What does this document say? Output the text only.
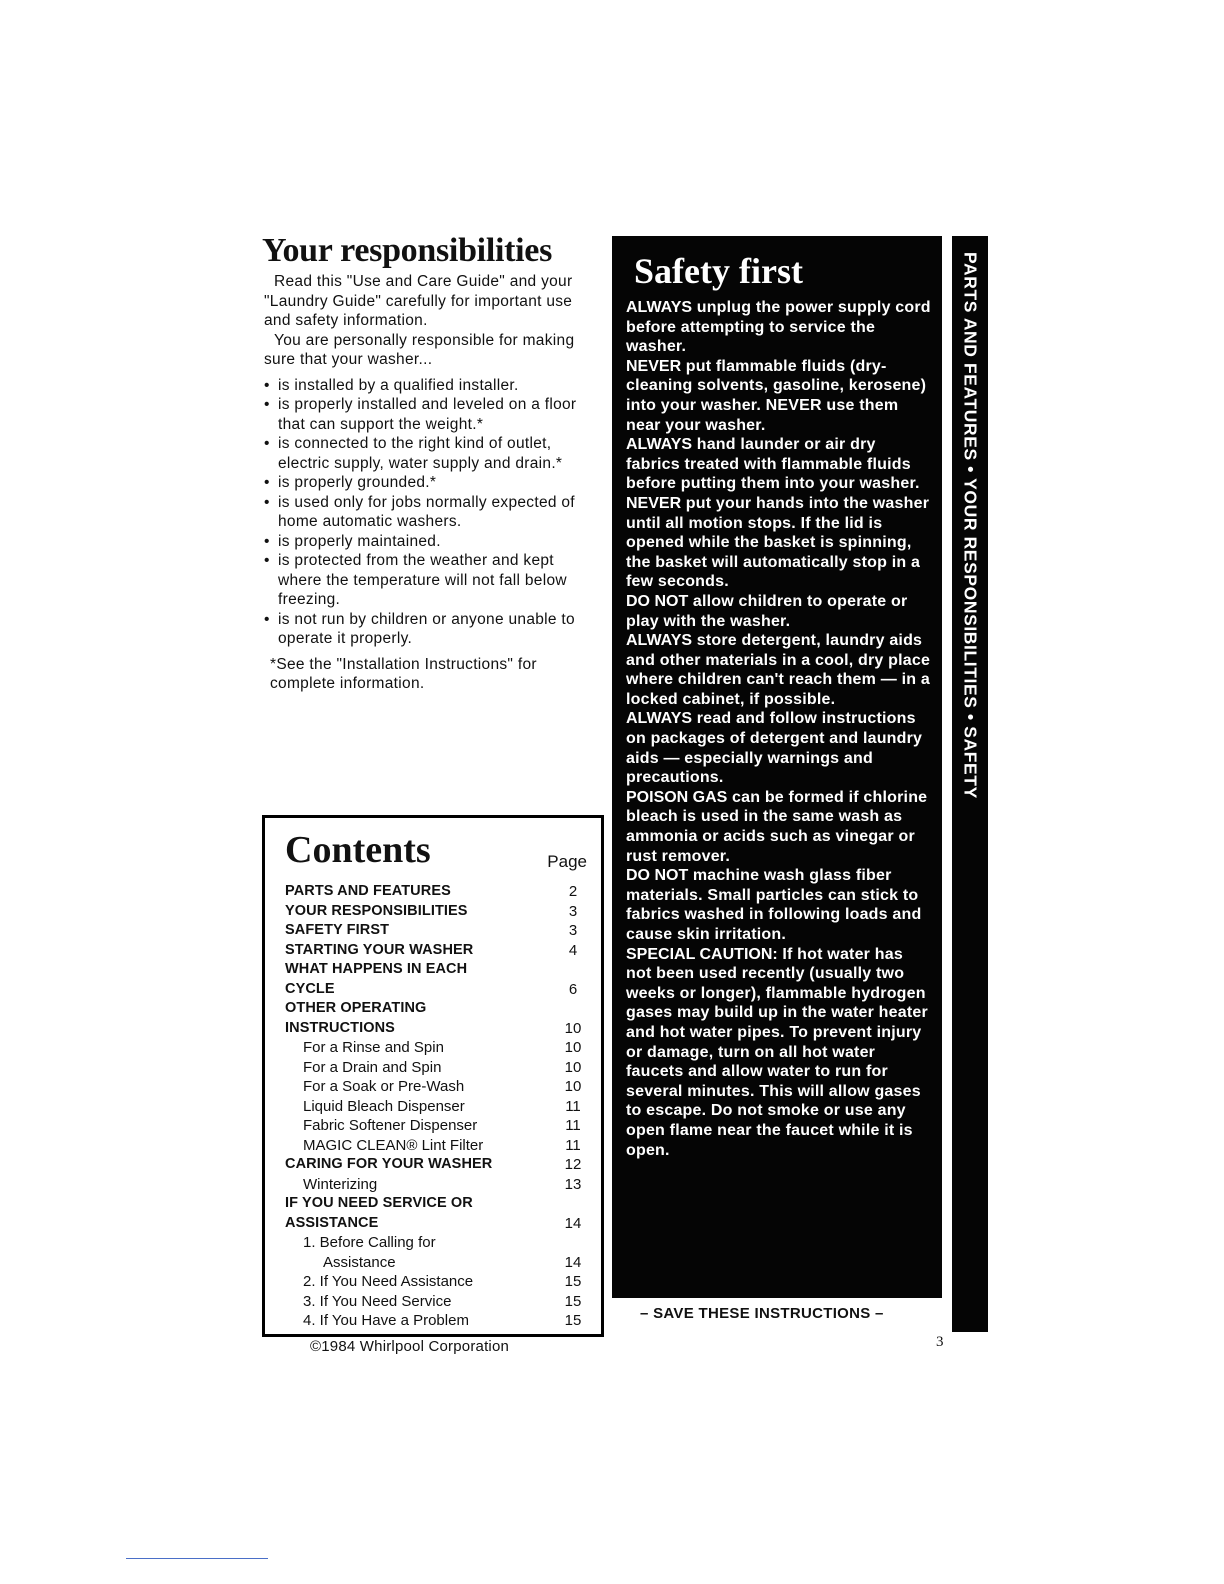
Your responsibilities

Read this "Use and Care Guide" and your "Laundry Guide" carefully for important use and safety information.

You are personally responsible for making sure that your washer...

• is installed by a qualified installer.
• is properly installed and leveled on a floor that can support the weight.*
• is connected to the right kind of outlet, electric supply, water supply and drain.*
• is properly grounded.*
• is used only for jobs normally expected of home automatic washers.
• is properly maintained.
• is protected from the weather and kept where the temperature will not fall below freezing.
• is not run by children or anyone unable to operate it properly.

*See the "Installation Instructions" for complete information.

Contents	Page
PARTS AND FEATURES	2
YOUR RESPONSIBILITIES	3
SAFETY FIRST	3
STARTING YOUR WASHER	4
WHAT HAPPENS IN EACH
CYCLE	6
OTHER OPERATING
INSTRUCTIONS	10
For a Rinse and Spin	10
For a Drain and Spin	10
For a Soak or Pre-Wash	10
Liquid Bleach Dispenser	11
Fabric Softener Dispenser	11
MAGIC CLEAN® Lint Filter	11
CARING FOR YOUR WASHER	12
Winterizing	13
IF YOU NEED SERVICE OR
ASSISTANCE	14
1. Before Calling for
Assistance	14
2. If You Need Assistance	15
3. If You Need Service	15
4. If You Have a Problem	15
©1984 Whirlpool Corporation
Safety first

ALWAYS unplug the power supply cord before attempting to service the washer.

NEVER put flammable fluids (dry-cleaning solvents, gasoline, kerosene) into your washer. NEVER use them near your washer.

ALWAYS hand launder or air dry fabrics treated with flammable fluids before putting them into your washer.

NEVER put your hands into the washer until all motion stops. If the lid is opened while the basket is spinning, the basket will automatically stop in a few seconds.

DO NOT allow children to operate or play with the washer.

ALWAYS store detergent, laundry aids and other materials in a cool, dry place where children can't reach them — in a locked cabinet, if possible.

ALWAYS read and follow instructions on packages of detergent and laundry aids — especially warnings and precautions.

POISON GAS can be formed if chlorine bleach is used in the same wash as ammonia or acids such as vinegar or rust remover.

DO NOT machine wash glass fiber materials. Small particles can stick to fabrics washed in following loads and cause skin irritation.

SPECIAL CAUTION: If hot water has not been used recently (usually two weeks or longer), flammable hydrogen gases may build up in the water heater and hot water pipes. To prevent injury or damage, turn on all hot water faucets and allow water to run for several minutes. This will allow gases to escape. Do not smoke or use any open flame near the faucet while it is open.

– SAVE THESE INSTRUCTIONS –
PARTS AND FEATURES • YOUR RESPONSIBILITIES • SAFETY
3
